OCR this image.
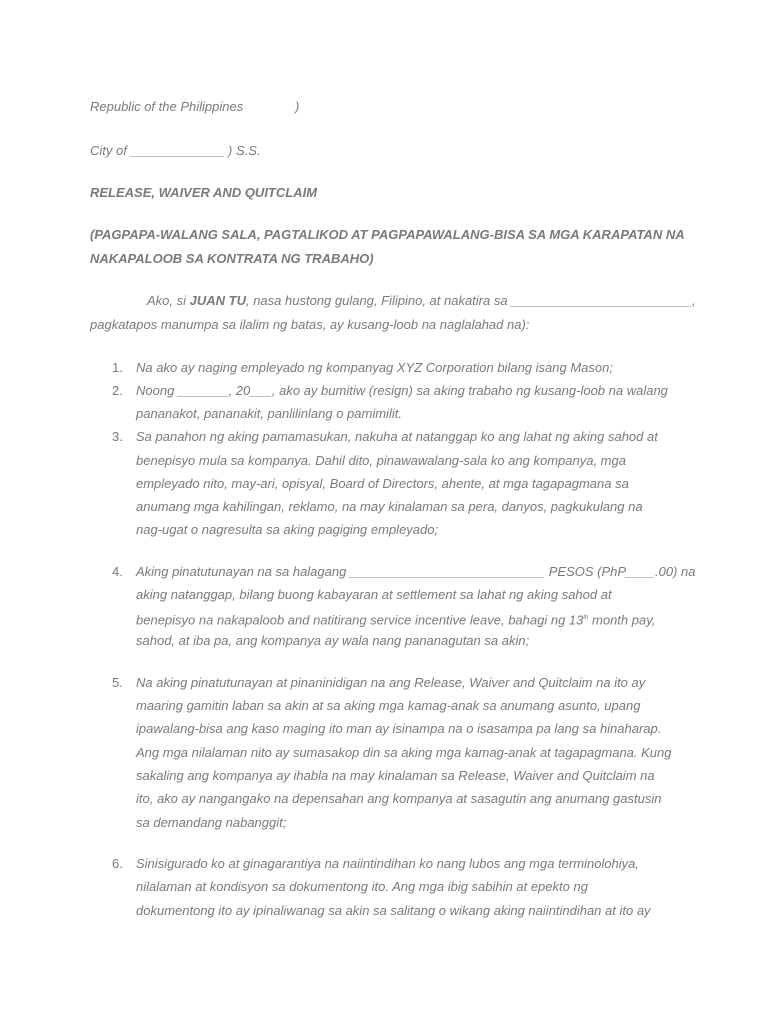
Republic of the Philippines	)
City of _____________ ) S.S.
RELEASE, WAIVER AND QUITCLAIM
(PAGPAPA-WALANG SALA, PAGTALIKOD AT PAGPAPAWALANG-BISA SA MGA KARAPATAN NA
NAKAPALOOB SA KONTRATA NG TRABAHO)
Ako, si JUAN TU, nasa hustong gulang, Filipino, at nakatira sa _________________________,
pagkatapos manumpa sa ilalim ng batas, ay kusang-loob na naglalahad na):
1. Na ako ay naging empleyado ng kompanyag XYZ Corporation bilang isang Mason;
2. Noong _______, 20___, ako ay bumitiw (resign) sa aking trabaho ng kusang-loob na walang
pananakot, pananakit, panlilinlang o pamimilit.
3. Sa panahon ng aking pamamasukan, nakuha at natanggap ko ang lahat ng aking sahod at
benepisyo mula sa kompanya. Dahil dito, pinawawalang-sala ko ang kompanya, mga
empleyado nito, may-ari, opisyal, Board of Directors, ahente, at mga tagapagmana sa
anumang mga kahilingan, reklamo, na may kinalaman sa pera, danyos, pagkukulang na
nag-ugat o nagresulta sa aking pagiging empleyado;
4. Aking pinatutunayan na sa halagang ___________________________ PESOS (PhP____.00) na
aking natanggap, bilang buong kabayaran at settlement sa lahat ng aking sahod at
benepisyo na nakapaloob and natitirang service incentive leave, bahagi ng 13th month pay,
sahod, at iba pa, ang kompanya ay wala nang pananagutan sa akin;
5. Na aking pinatutunayan at pinaninidigan na ang Release, Waiver and Quitclaim na ito ay
maaring gamitin laban sa akin at sa aking mga kamag-anak sa anumang asunto, upang
ipawalang-bisa ang kaso maging ito man ay isinampa na o isasampa pa lang sa hinaharap.
Ang mga nilalaman nito ay sumasakop din sa aking mga kamag-anak at tagapagmana. Kung
sakaling ang kompanya ay ihabla na may kinalaman sa Release, Waiver and Quitclaim na
ito, ako ay nangangako na depensahan ang kompanya at sasagutin ang anumang gastusin
sa demandang nabanggit;
6. Sinisigurado ko at ginagarantiya na naiintindihan ko nang lubos ang mga terminolohiya,
nilalaman at kondisyon sa dokumentong ito. Ang mga ibig sabihin at epekto ng
dokumentong ito ay ipinaliwanag sa akin sa salitang o wikang aking naiintindihan at ito ay
